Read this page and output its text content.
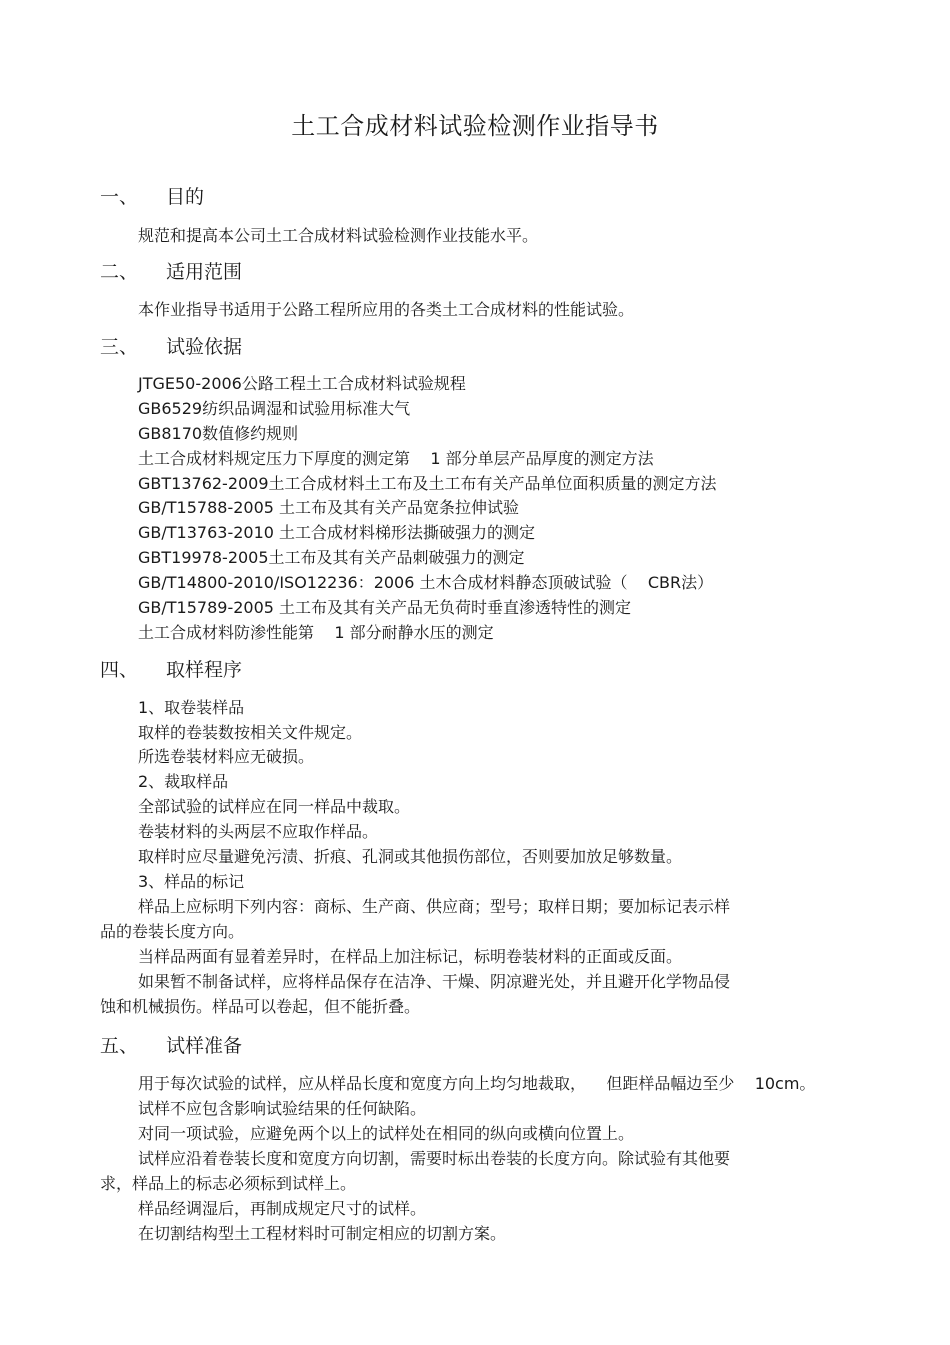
土工合成材料试验检测作业指导书
一、 目的
规范和提高本公司土工合成材料试验检测作业技能水平。
二、 适用范围
本作业指导书适用于公路工程所应用的各类土工合成材料的性能试验。
三、 试验依据
JTGE50-2006公路工程土工合成材料试验规程
GB6529纺织品调湿和试验用标准大气
GB8170数值修约规则
土工合成材料规定压力下厚度的测定第    1 部分单层产品厚度的测定方法
GBT13762-2009土工合成材料土工布及土工布有关产品单位面积质量的测定方法
GB/T15788-2005 土工布及其有关产品宽条拉伸试验
GB/T13763-2010 土工合成材料梯形法撕破强力的测定
GBT19978-2005土工布及其有关产品刺破强力的测定
GB/T14800-2010/ISO12236：2006 土木合成材料静态顶破试验（    CBR法）
GB/T15789-2005 土工布及其有关产品无负荷时垂直渗透特性的测定
土工合成材料防渗性能第    1 部分耐静水压的测定
四、 取样程序
1、取卷装样品
取样的卷装数按相关文件规定。
所选卷装材料应无破损。
2、裁取样品
全部试验的试样应在同一样品中裁取。
卷装材料的头两层不应取作样品。
取样时应尽量避免污渍、折痕、孔洞或其他损伤部位，否则要加放足够数量。
3、样品的标记
样品上应标明下列内容：商标、生产商、供应商；型号；取样日期；要加标记表示样
品的卷装长度方向。
当样品两面有显着差异时，在样品上加注标记，标明卷装材料的正面或反面。
如果暂不制备试样，应将样品保存在洁净、干燥、阴凉避光处，并且避开化学物品侵
蚀和机械损伤。样品可以卷起，但不能折叠。
五、 试样准备
用于每次试验的试样，应从样品长度和宽度方向上均匀地裁取，    但距样品幅边至少    10cm。
试样不应包含影响试验结果的任何缺陷。
对同一项试验，应避免两个以上的试样处在相同的纵向或横向位置上。
试样应沿着卷装长度和宽度方向切割，需要时标出卷装的长度方向。除试验有其他要
求，样品上的标志必须标到试样上。
样品经调湿后，再制成规定尺寸的试样。
在切割结构型土工程材料时可制定相应的切割方案。
